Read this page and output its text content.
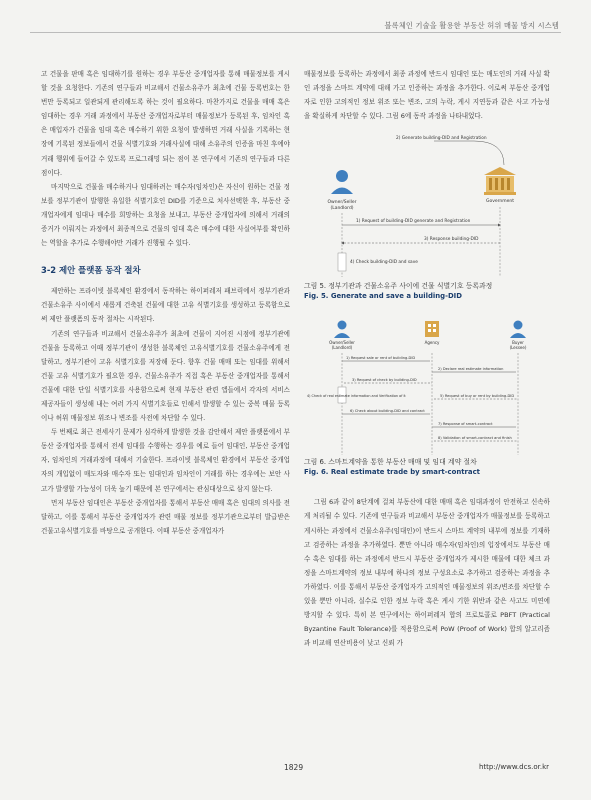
블록체인 기술을 활용한 부동산 허위 매물 방지 시스템

고 건물을 판매 혹은 임대하기를 원하는 경우 부동산 중개업자를 통해 매물정보를 게시할 것을 요청한다. 기존의 연구들과 비교해서 건물소유주가 최초에 건물 등록번호는 한번만 등록되고 일관되게 관리해도록 하는 것이 필요하다. 마찬가지로 건물을 매매 혹은 임대하는 경우 거래 과정에서 부동산 중개업자로부터 매물정보가 등록된 후, 임차인 혹은 매입자가 건물을 임대 혹은 매수하기 위한 요청이 발생하면 거래 사실을 기록하는 현장에 기록된 정보들에서 건물 식별기호와 거래사실에 대해 소유주의 인증을 마친 후에야 거래 행위에 들어갈 수 있도록 프로그래밍 되는 점이 본 연구에서 기존의 연구들과 다른 점이다.

마지막으로 건물을 매수하거나 임대하려는 매수자(임차인)은 자신이 원하는 건물 정보를 정부기관이 발행한 유일한 식별기호인 DID를 기준으로 처사선택한 후, 부동산 중개업자에게 임대나 매수를 희망하는 요청을 보내고, 부동산 중개업자에 의해서 거래의 증거가 이뤄지는 과정에서 최종적으로 건물의 임대 혹은 매수에 대한 사실여부를 확인하는 역할을 추가로 수행해야만 거래가 진행될 수 있다.

3-2 제안 플랫폼 동작 절차

제안하는 프라이빗 블록체인 환경에서 동작하는 하이퍼레저 패브릭에서 정부기관과 건물소유주 사이에서 새롭게 건축된 건물에 대한 고유 식별기호를 생성하고 등록함으로써 제안 플랫폼의 동작 절차는 시작된다.

기존의 연구들과 비교해서 건물소유주가 최초에 건물이 지어진 시점에 정부기관에 건물을 등록하고 이때 정부기관이 생성한 블록체인 고유식별기호를 건물소유주에게 전달하고, 정부기관이 고유 식별기호를 저장해 둔다. 향후 건물 매매 또는 임대를 위해서 건물 고유 식별기호가 필요한 경우, 건물소유주가 직접 혹은 부동산 중개업자를 통해서 건물에 대한 단일 식별기호를 사용함으로써 현재 부동산 관련 앱들에서 각자의 서비스 제공자들이 생성해 내는 여러 가지 식별기호들로 인해서 발생할 수 있는 중복 매물 등록이나 허위 매물정보 위조나 변조를 사전에 차단할 수 있다.

두 번째로 최근 전세사기 문제가 심각하게 발생한 것을 감안해서 제안 플랫폼에서 부동산 중개업자를 통해서 전세 임대를 수행하는 경우를 예로 들어 임대인, 부동산 중개업자, 임차인의 거래과정에 대해서 기술한다. 프라이빗 블록체인 환경에서 부동산 중개업자의 개입없이 매도자와 매수자 또는 임대인과 임차인이 거래를 하는 경우에는 보안 사고가 발생할 가능성이 더욱 높기 때문에 본 연구에서는 관심대상으로 삼지 않는다.

먼저 부동산 임대인은 부동산 중개업자를 통해서 부동산 매매 혹은 임대의 의사를 전달하고, 이를 통해서 부동산 중개업자가 관련 매물 정보를 정부기관으로부터 발급받은 건물고유식별기호를 바탕으로 공개한다. 이때 부동산 중개업자가

매물정보를 등록하는 과정에서 최종 과정에 반드시 임대인 또는 매도인의 거래 사실 확인 과정을 스마트 계약에 대해 가고 인증하는 과정을 추가한다. 이로써 부동산 중개업자로 인한 고의적인 정보 위조 또는 변조, 고의 누락, 게시 지연등과 같은 사고 가능성을 확실하게 차단할 수 있다. 그림 6에 동작 과정을 나타내었다.

Owner/Seller
(Landlord)
Government
2) Generate building-DID and Registration
1) Request of building-DID generate and Registration
3) Response building-DID
4) Check building-DID and save
그림 5. 정부기관과 건물소유주 사이에 건물 식별기호 등록과정
Fig. 5. Generate and save a building-DID
Owner/Seller
(Landlord)
Agency	Buyer
(Lessee)
1) Request sale or rent of building-DID
2) Declare real estimate information
3) Request of check by building-DID
4) Check of real estimate information and Verification of it	5) Request of buy or rent by building-DID
6) Check about building-DID and contract
7) Response of smart-contract
8) Validation of smart-contract and finish
그림 6. 스마트계약을 통한 부동산 매매 및 임대 계약 절차
Fig. 6. Real estimate trade by smart-contract

그림 6과 같이 8단계에 걸쳐 부동산에 대한 매매 혹은 임대과정이 안전하고 신속하게 처리될 수 있다. 기존에 연구들과 비교해서 부동산 중개업자가 매물정보를 등록하고 게시하는 과정에서 건물소유주(임대인)이 반드시 스마트 계약의 내부에 정보를 기재하고 검증하는 과정을 추가하였다. 뿐만 아니라 매수자(임차인)의 입장에서도 부동산 매수 혹은 임대를 하는 과정에서 반드시 부동산 중개업자가 제시한 매물에 대한 체크 과정을 스마트계약의 정보 내부에 하나의 정보 구성요소로 추가하고 검증하는 과정을 추가하였다. 이를 통해서 부동산 중개업자가 고의적인 매물정보의 위조/변조를 차단할 수 있을 뿐만 아니라, 실수로 인한 정보 누락 혹은 게시 기한 위반과 같은 사고도 미연에 방지할 수 있다. 특히 본 연구에서는 하이퍼레저 합의 프로토콜로 PBFT (Practical Byzantine Fault Tolerance)를 적용함으로써 PoW (Proof of Work) 합의 알고리즘과 비교해 연산비용이 낮고 신뢰 가

1829	http://www.dcs.or.kr
